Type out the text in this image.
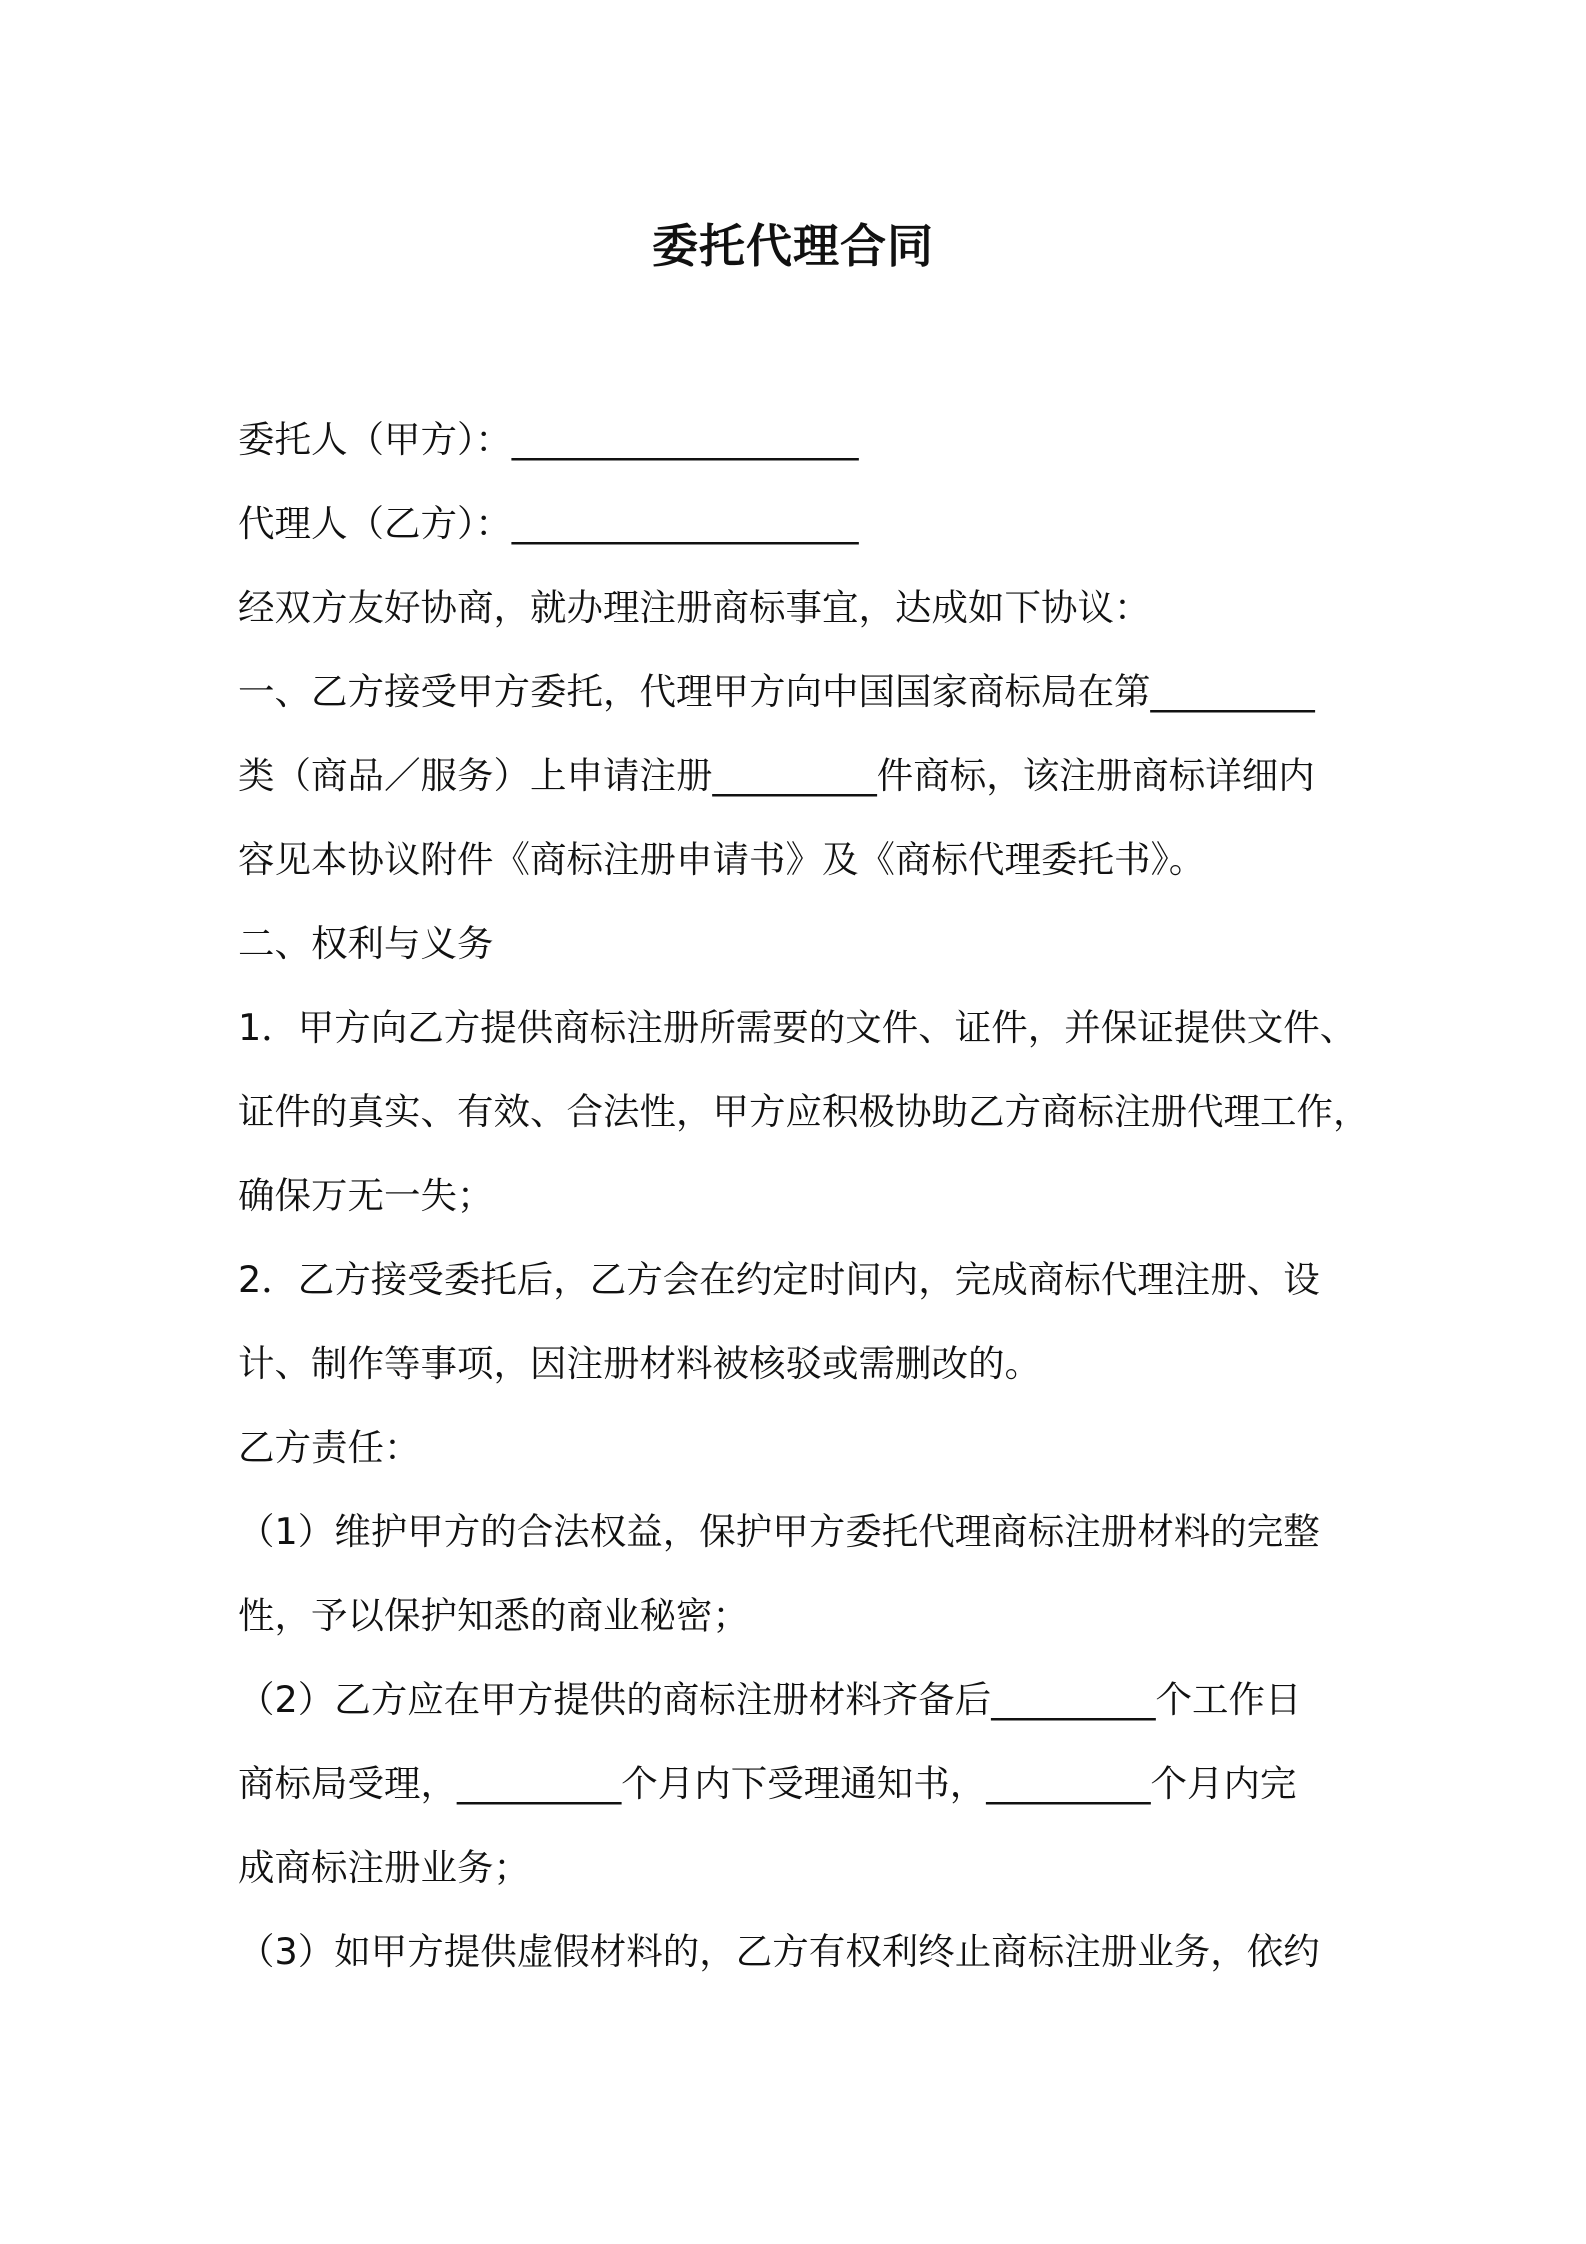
委托代理合同
委托人（甲方）：___________________
代理人（乙方）：___________________
经双方友好协商，就办理注册商标事宜，达成如下协议：
一、乙方接受甲方委托，代理甲方向中国国家商标局在第_________
类（商品／服务）上申请注册_________件商标，该注册商标详细内
容见本协议附件《商标注册申请书》及《商标代理委托书》。
二、权利与义务
1．甲方向乙方提供商标注册所需要的文件、证件，并保证提供文件、
证件的真实、有效、合法性，甲方应积极协助乙方商标注册代理工作，
确保万无一失；
2．乙方接受委托后，乙方会在约定时间内，完成商标代理注册、设
计、制作等事项，因注册材料被核驳或需删改的。
乙方责任：
（1）维护甲方的合法权益，保护甲方委托代理商标注册材料的完整
性，予以保护知悉的商业秘密；
（2）乙方应在甲方提供的商标注册材料齐备后_________个工作日
商标局受理，_________个月内下受理通知书，_________个月内完
成商标注册业务；
（3）如甲方提供虚假材料的，乙方有权利终止商标注册业务，依约
